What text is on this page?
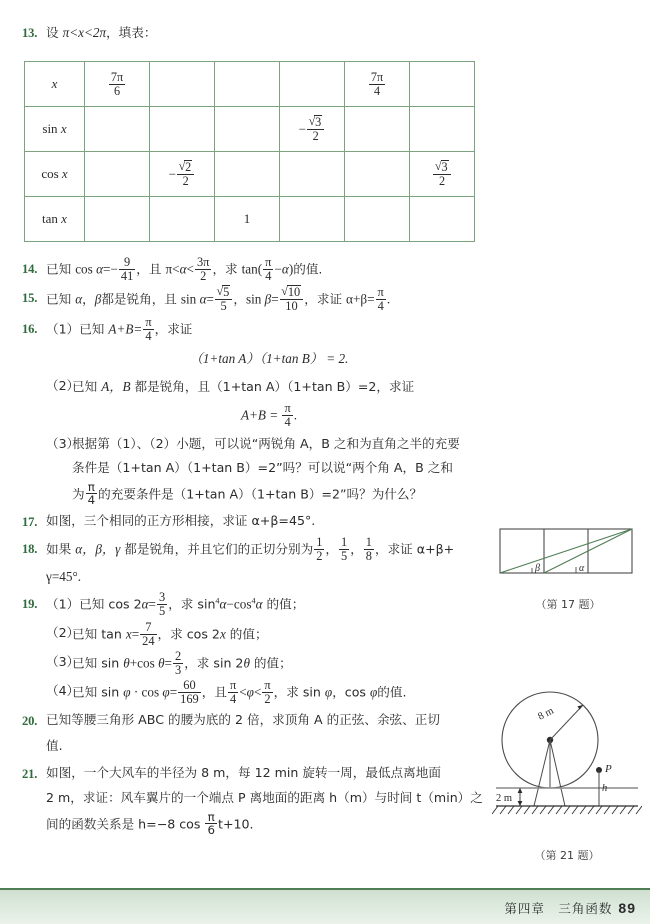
13. 设 π<x<2π，填表：
x	$\frac{7\pi}{6}$				$\frac{7\pi}{4}$

sin x				− √ $\frac{3}{2}$

cos x		− √ $\frac{2}{2}$				√ $\frac{3}{2}$

tan x			1			
14. 已知 $\cos \alpha=- \frac{9}{41}$ ，且 $\pi<\alpha< \frac{3\pi}{2}$ ，求 $\tan( \frac{\pi}{4} -\alpha)$的值.
15. 已知 α，β都是锐角，且 sin α= √ $\frac{5}{5}$ ，sin β= √ $\frac{10}{10}$ ，求证 $\alpha+\beta= \frac{\pi}{4}$ .
16. （1）已知 $A+B= \frac{\pi}{4}$ ，求证
（1+tan A）（1+tan B） = 2.
（2）
已知 A，B 都是锐角，且（1+tan A）（1+tan B）=2，求证
$A+B = \frac{\pi}{4}$ .
（3）
根据第（1）、（2）小题，可以说“两锐角 A，B 之和为直角之半的充要
条件是（1+tan A）（1+tan B）=2”吗？可以说“两个角 A，B 之和
为 $\frac{\pi}{4}$ 的充要条件是（1+tan A）（1+tan B）=2”吗？为什么？
17. 如图，三个相同的正方形相接，求证 α+β=45°.
18. 如果 α，β，γ 都是锐角，并且它们的正切分别为 $\frac{1}{2}$ ， $\frac{1}{5}$ ， $\frac{1}{8}$ ，求证 α+β+
γ=45°.
19. （1）已知 $\cos 2\alpha= \frac{3}{5}$ ，求 $\sin^4\alpha-\cos^4\alpha$ 的值；
（2）
已知 $\tan x= \frac{7}{24}$ ，求 cos 2x 的值；
（3）
已知 sin θ+cos $\theta= \frac{2}{3}$ ，求 sin 2θ 的值；
（4）
已知 $\sin \varphi \cdot \cos \varphi= \frac{60}{169}$ ，且 $\frac{\pi}{4} <\varphi< \frac{\pi}{2}$ ，求 sin φ，cos φ的值.
20. 已知等腰三角形 ABC 的腰为底的 2 倍，求顶角 A 的正弦、余弦、正切
值.
21. 如图，一个大风车的半径为 8 m，每 12 min 旋转一周，最低点离地面
2 m，求证：风车翼片的一个端点 P 离地面的距离 h（m）与时间 t（min）之
间的函数关系是 h=−8 $\cos \frac{\pi}{6} t+10$.
β	α
（第 17 题）
8 m
2 m
P
h
（第 21 题）
第四章　三角函数 89
